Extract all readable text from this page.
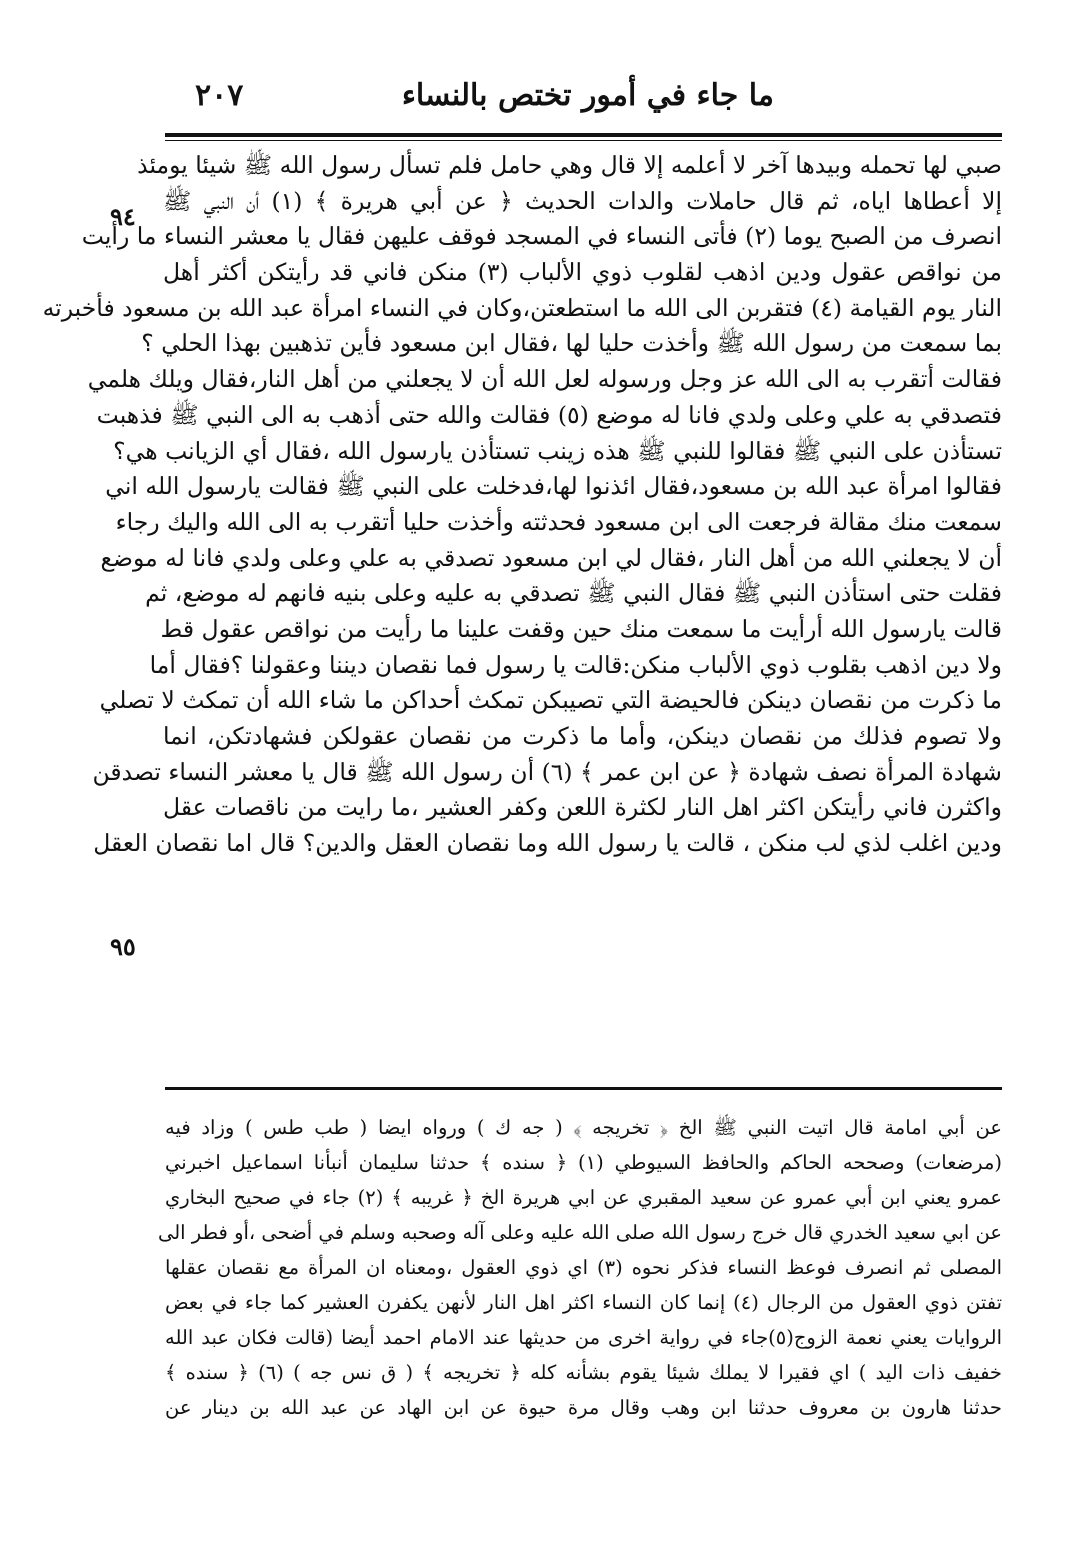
ما جاء في أمور تختص بالنساء
٢٠٧
٩٤
٩٥
صبي لها تحمله وبيدها آخر لا أعلمه إلا قال وهي حامل فلم تسأل رسول الله ﷺ شيئا يومئذ
إلا أعطاها اياه، ثم قال حاملات والدات الحديث ﴿ عن أبي هريرة ﴾ (١) أن النبي ﷺ
انصرف من الصبح يوما (٢) فأتى النساء في المسجد فوقف عليهن فقال يا معشر النساء ما رأيت
من نواقص عقول ودين اذهب لقلوب ذوي الألباب (٣) منكن فاني قد رأيتكن أكثر أهل
النار يوم القيامة (٤) فتقربن الى الله ما استطعتن،وكان في النساء امرأة عبد الله بن مسعود فأخبرته
بما سمعت من رسول الله ﷺ وأخذت حليا لها ،فقال ابن مسعود فأين تذهبين بهذا الحلي ؟
فقالت أتقرب به الى الله عز وجل ورسوله لعل الله أن لا يجعلني من أهل النار،فقال ويلك هلمي
فتصدقي به علي وعلى ولدي فانا له موضع (٥) فقالت والله حتى أذهب به الى النبي ﷺ فذهبت
تستأذن على النبي ﷺ فقالوا للنبي ﷺ هذه زينب تستأذن يارسول الله ،فقال أي الزيانب هي؟
فقالوا امرأة عبد الله بن مسعود،فقال ائذنوا لها،فدخلت على النبي ﷺ فقالت يارسول الله اني
سمعت منك مقالة فرجعت الى ابن مسعود فحدثته وأخذت حليا أتقرب به الى الله واليك رجاء
أن لا يجعلني الله من أهل النار ،فقال لي ابن مسعود تصدقي به علي وعلى ولدي فانا له موضع
فقلت حتى استأذن النبي ﷺ فقال النبي ﷺ تصدقي به عليه وعلى بنيه فانهم له موضع، ثم
قالت يارسول الله أرأيت ما سمعت منك حين وقفت علينا ما رأيت من نواقص عقول قط
ولا دين اذهب بقلوب ذوي الألباب منكن:قالت يا رسول فما نقصان ديننا وعقولنا ؟فقال أما
ما ذكرت من نقصان دينكن فالحيضة التي تصيبكن تمكث أحداكن ما شاء الله أن تمكث لا تصلي
ولا تصوم فذلك من نقصان دينكن، وأما ما ذكرت من نقصان عقولكن فشهادتكن، انما
شهادة المرأة نصف شهادة ﴿ عن ابن عمر ﴾ (٦) أن رسول الله ﷺ قال يا معشر النساء تصدقن
واكثرن فاني رأيتكن اكثر اهل النار لكثرة اللعن وكفر العشير ،ما رايت من ناقصات عقل
ودين اغلب لذي لب منكن ، قالت يا رسول الله وما نقصان العقل والدين؟ قال اما نقصان العقل
عن أبي امامة قال اتيت النبي ﷺ الخ ﴿ تخريجه ﴾ ( جه ك ) ورواه ايضا ( طب طس ) وزاد فيه
(مرضعات) وصححه الحاكم والحافظ السيوطي (١) ﴿ سنده ﴾ حدثنا سليمان أنبأنا اسماعيل اخبرني
عمرو يعني ابن أبي عمرو عن سعيد المقبري عن ابي هريرة الخ ﴿ غريبه ﴾ (٢) جاء في صحيح البخاري
عن ابي سعيد الخدري قال خرج رسول الله صلى الله عليه وعلى آله وصحبه وسلم في أضحى ،أو فطر الى
المصلى ثم انصرف فوعظ النساء فذكر نحوه (٣) اي ذوي العقول ،ومعناه ان المرأة مع نقصان عقلها
تفتن ذوي العقول من الرجال (٤) إنما كان النساء اكثر اهل النار لأنهن يكفرن العشير كما جاء في بعض
الروايات يعني نعمة الزوج(٥)جاء في رواية اخرى من حديثها عند الامام احمد أيضا (قالت فكان عبد الله
خفيف ذات اليد ) اي فقيرا لا يملك شيئا يقوم بشأنه كله ﴿ تخريجه ﴾ ( ق نس جه ) (٦) ﴿ سنده ﴾
حدثنا هارون بن معروف حدثنا ابن وهب وقال مرة حيوة عن ابن الهاد عن عبد الله بن دينار عن
